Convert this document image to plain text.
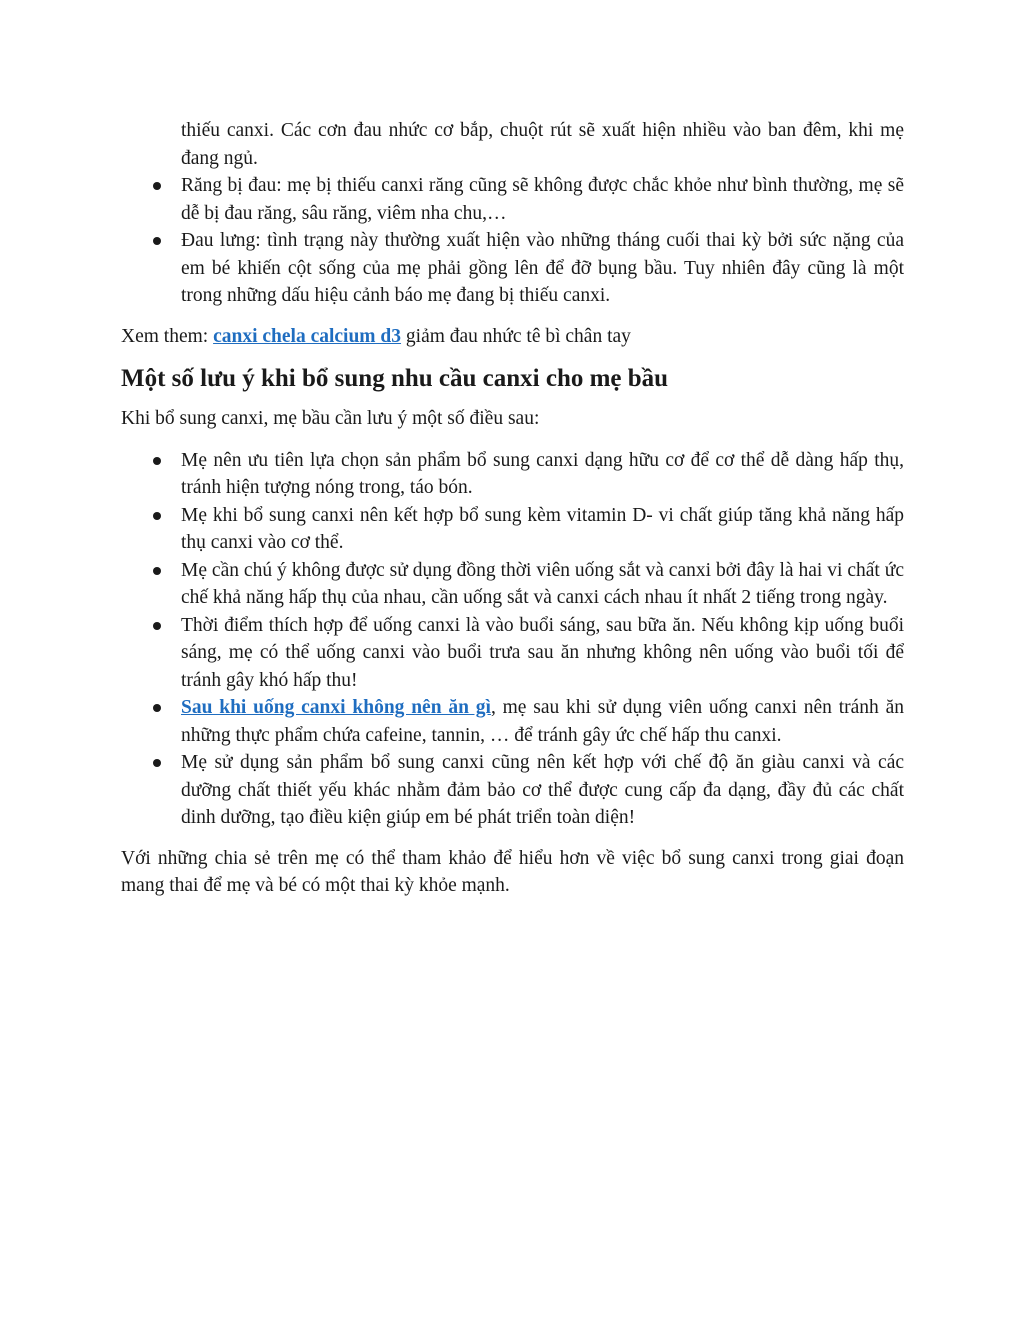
thiếu canxi. Các cơn đau nhức cơ bắp, chuột rút sẽ xuất hiện nhiều vào ban đêm, khi mẹ đang ngủ.
Răng bị đau: mẹ bị thiếu canxi răng cũng sẽ không được chắc khỏe như bình thường, mẹ sẽ dễ bị đau răng, sâu răng, viêm nha chu,…
Đau lưng: tình trạng này thường xuất hiện vào những tháng cuối thai kỳ bởi sức nặng của em bé khiến cột sống của mẹ phải gồng lên để đỡ bụng bầu. Tuy nhiên đây cũng là một trong những dấu hiệu cảnh báo mẹ đang bị thiếu canxi.

Xem them: canxi chela calcium d3 giảm đau nhức tê bì chân tay

Một số lưu ý khi bổ sung nhu cầu canxi cho mẹ bầu

Khi bổ sung canxi, mẹ bầu cần lưu ý một số điều sau:

Mẹ nên ưu tiên lựa chọn sản phẩm bổ sung canxi dạng hữu cơ để cơ thể dễ dàng hấp thụ, tránh hiện tượng nóng trong, táo bón.
Mẹ khi bổ sung canxi nên kết hợp bổ sung kèm vitamin D- vi chất giúp tăng khả năng hấp thụ canxi vào cơ thể.
Mẹ cần chú ý không được sử dụng đồng thời viên uống sắt và canxi bởi đây là hai vi chất ức chế khả năng hấp thụ của nhau, cần uống sắt và canxi cách nhau ít nhất 2 tiếng trong ngày.
Thời điểm thích hợp để uống canxi là vào buổi sáng, sau bữa ăn. Nếu không kịp uống buổi sáng, mẹ có thể uống canxi vào buổi trưa sau ăn nhưng không nên uống vào buổi tối để tránh gây khó hấp thu!
Sau khi uống canxi không nên ăn gì, mẹ sau khi sử dụng viên uống canxi nên tránh ăn những thực phẩm chứa cafeine, tannin, … để tránh gây ức chế hấp thu canxi.
Mẹ sử dụng sản phẩm bổ sung canxi cũng nên kết hợp với chế độ ăn giàu canxi và các dưỡng chất thiết yếu khác nhằm đảm bảo cơ thể được cung cấp đa dạng, đầy đủ các chất dinh dưỡng, tạo điều kiện giúp em bé phát triển toàn diện!

Với những chia sẻ trên mẹ có thể tham khảo để hiểu hơn về việc bổ sung canxi trong giai đoạn mang thai để mẹ và bé có một thai kỳ khỏe mạnh.
